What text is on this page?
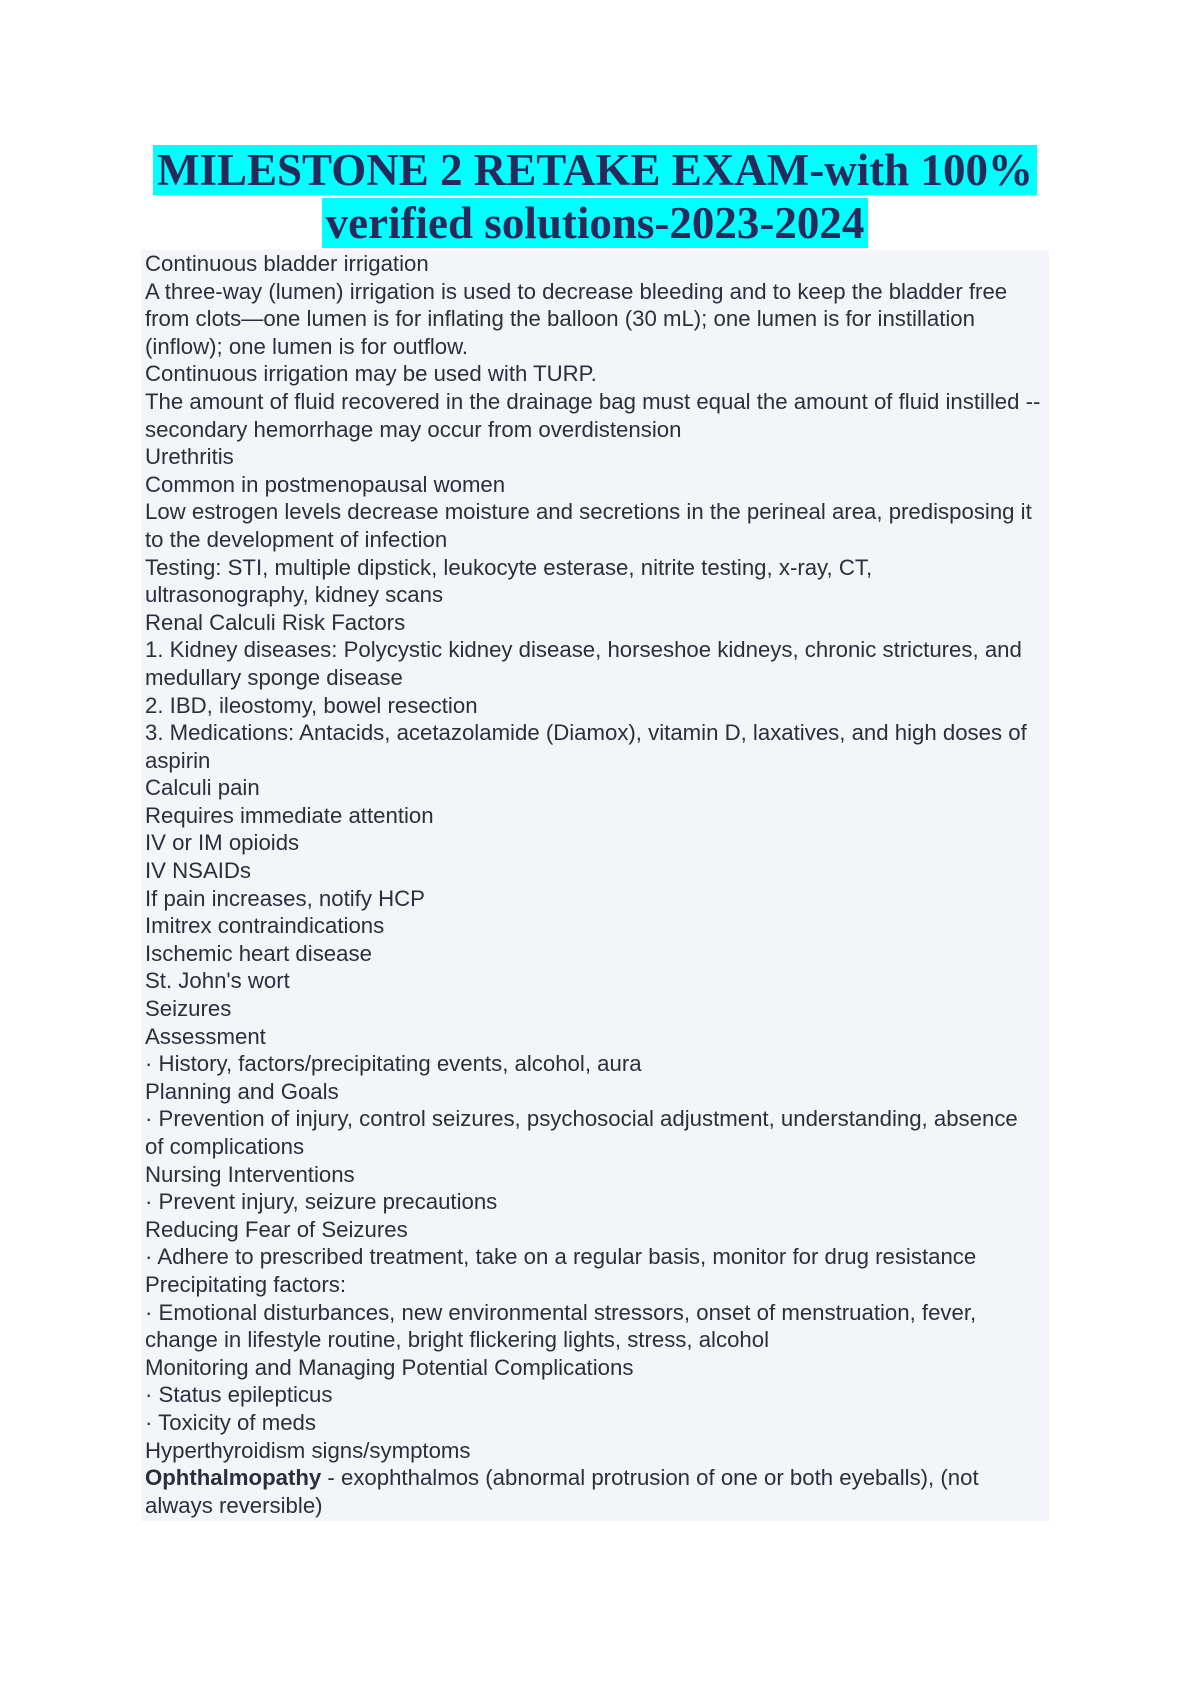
MILESTONE 2 RETAKE EXAM-with 100%
verified solutions-2023-2024

Continuous bladder irrigation

A three-way (lumen) irrigation is used to decrease bleeding and to keep the bladder free from clots—one lumen is for inflating the balloon (30 mL); one lumen is for instillation (inflow); one lumen is for outflow.

Continuous irrigation may be used with TURP.

The amount of fluid recovered in the drainage bag must equal the amount of fluid instilled -- secondary hemorrhage may occur from overdistension

Urethritis

Common in postmenopausal women

Low estrogen levels decrease moisture and secretions in the perineal area, predisposing it to the development of infection

Testing: STI, multiple dipstick, leukocyte esterase, nitrite testing, x-ray, CT, ultrasonography, kidney scans

Renal Calculi Risk Factors

1. Kidney diseases: Polycystic kidney disease, horseshoe kidneys, chronic strictures, and medullary sponge disease

2. IBD, ileostomy, bowel resection

3. Medications: Antacids, acetazolamide (Diamox), vitamin D, laxatives, and high doses of aspirin

Calculi pain

Requires immediate attention

IV or IM opioids

IV NSAIDs

If pain increases, notify HCP

Imitrex contraindications

Ischemic heart disease

St. John's wort

Seizures

Assessment

· History, factors/precipitating events, alcohol, aura

Planning and Goals

· Prevention of injury, control seizures, psychosocial adjustment, understanding, absence of complications

Nursing Interventions

· Prevent injury, seizure precautions

Reducing Fear of Seizures

· Adhere to prescribed treatment, take on a regular basis, monitor for drug resistance

Precipitating factors:

· Emotional disturbances, new environmental stressors, onset of menstruation, fever, change in lifestyle routine, bright flickering lights, stress, alcohol

Monitoring and Managing Potential Complications

· Status epilepticus

· Toxicity of meds

Hyperthyroidism signs/symptoms

Ophthalmopathy - exophthalmos (abnormal protrusion of one or both eyeballs), (not always reversible)
